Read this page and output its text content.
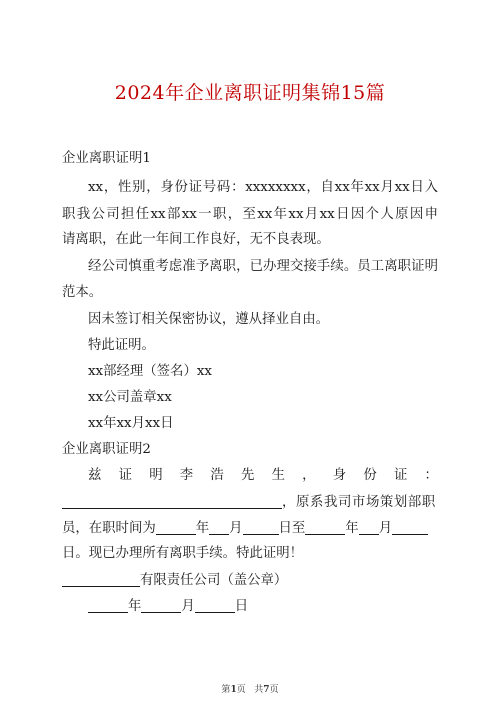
2024年企业离职证明集锦15篇
企业离职证明1
xx，性别，身份证号码：xxxxxxxx，自xx年xx月xx日入
职我公司担任xx部xx一职，至xx年xx月xx日因个人原因申
请离职，在此一年间工作良好，无不良表现。
经公司慎重考虑准予离职，已办理交接手续。员工离职证明
范本。
因未签订相关保密协议，遵从择业自由。
特此证明。
xx部经理（签名）xx
xx公司盖章xx
xx年xx月xx日
企业离职证明2
兹 证 明 李 浩 先 生 ， 身 份 证 ：
，原系我司市场策划部职
员，在职时间为	年 月	日至	年 月
日。现已办理所有离职手续。特此证明！
有限责任公司（盖公章）
年	月	日
第1页   共7页
